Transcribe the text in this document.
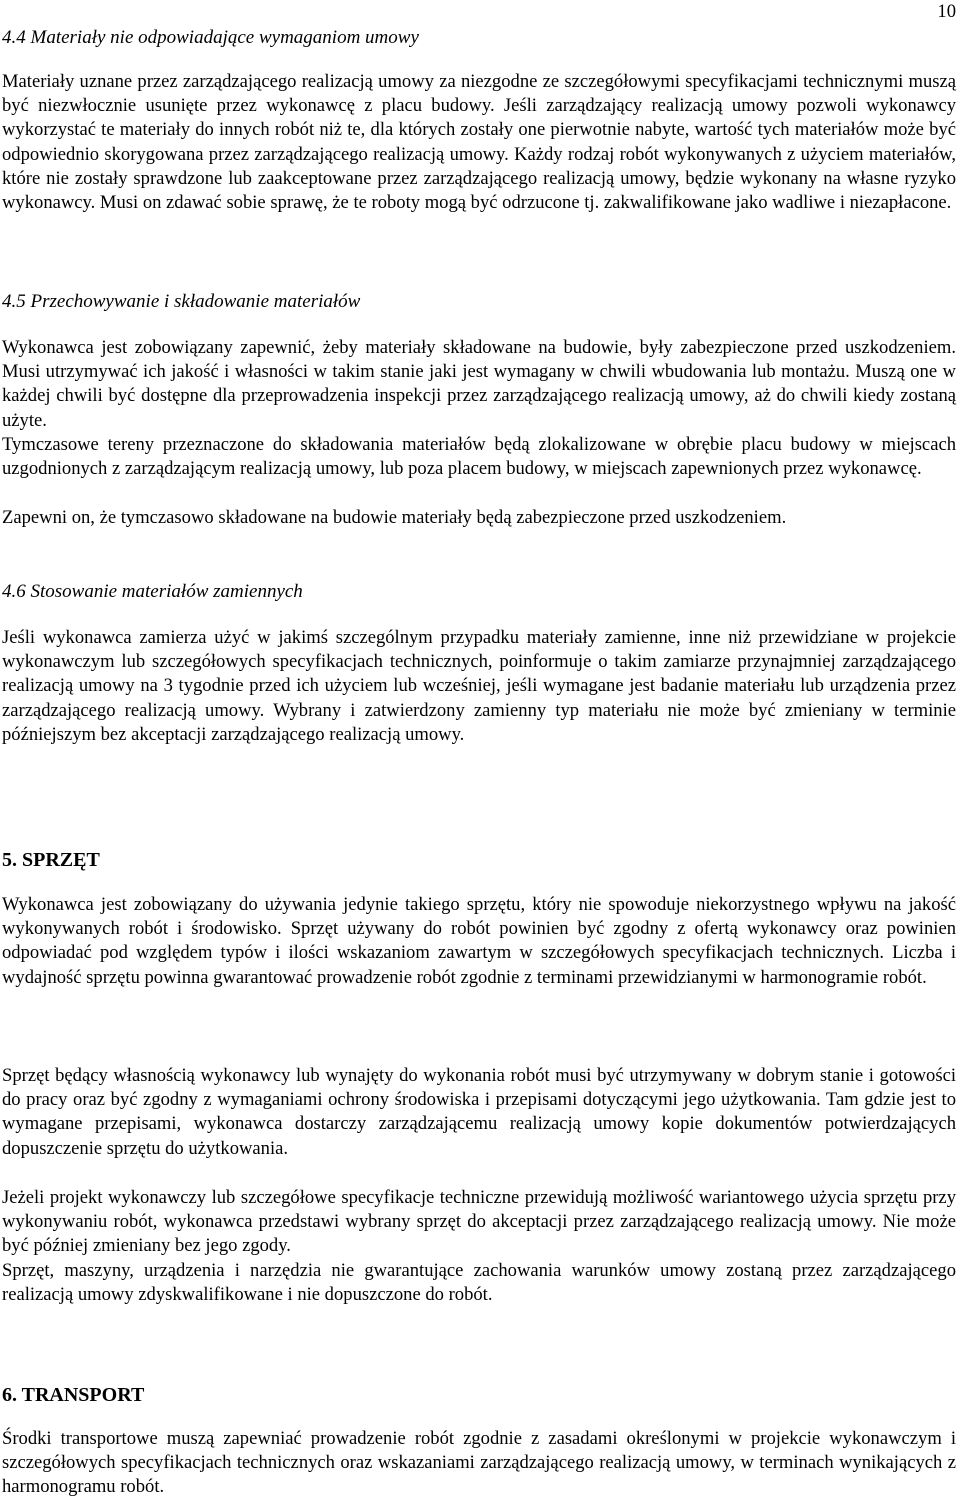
10
4.4 Materiały nie odpowiadające wymaganiom umowy

Materiały uznane przez zarządzającego realizacją umowy za niezgodne ze szczegółowymi specyfikacjami technicznymi muszą być niezwłocznie usunięte przez wykonawcę z placu budowy. Jeśli zarządzający realizacją umowy pozwoli wykonawcy wykorzystać te materiały do innych robót niż te, dla których zostały one pierwotnie nabyte, wartość tych materiałów może być odpowiednio skorygowana przez zarządzającego realizacją umowy. Każdy rodzaj robót wykonywanych z użyciem materiałów, które nie zostały sprawdzone lub zaakceptowane przez zarządzającego realizacją umowy, będzie wykonany na własne ryzyko wykonawcy. Musi on zdawać sobie sprawę, że te roboty mogą być odrzucone tj. zakwalifikowane jako wadliwe i niezapłacone.

4.5 Przechowywanie i składowanie materiałów

Wykonawca jest zobowiązany zapewnić, żeby materiały składowane na budowie, były zabezpieczone przed uszkodzeniem. Musi utrzymywać ich jakość i własności w takim stanie jaki jest wymagany w chwili wbudowania lub montażu. Muszą one w każdej chwili być dostępne dla przeprowadzenia inspekcji przez zarządzającego realizacją umowy, aż do chwili kiedy zostaną użyte.

Tymczasowe tereny przeznaczone do składowania materiałów będą zlokalizowane w obrębie placu budowy w miejscach uzgodnionych z zarządzającym realizacją umowy, lub poza placem budowy, w miejscach zapewnionych przez wykonawcę.

Zapewni on, że tymczasowo składowane na budowie materiały będą zabezpieczone przed uszkodzeniem.

4.6 Stosowanie materiałów zamiennych

Jeśli wykonawca zamierza użyć w jakimś szczególnym przypadku materiały zamienne, inne niż przewidziane w projekcie wykonawczym lub szczegółowych specyfikacjach technicznych, poinformuje o takim zamiarze przynajmniej zarządzającego realizacją umowy na 3 tygodnie przed ich użyciem lub wcześniej, jeśli wymagane jest badanie materiału lub urządzenia przez zarządzającego realizacją umowy. Wybrany i zatwierdzony zamienny typ materiału nie może być zmieniany w terminie późniejszym bez akceptacji zarządzającego realizacją umowy.

5. SPRZĘT

Wykonawca jest zobowiązany do używania jedynie takiego sprzętu, który nie spowoduje niekorzystnego wpływu na jakość wykonywanych robót i środowisko. Sprzęt używany do robót powinien być zgodny z ofertą wykonawcy oraz powinien odpowiadać pod względem typów i ilości wskazaniom zawartym w szczegółowych specyfikacjach technicznych. Liczba i wydajność sprzętu powinna gwarantować prowadzenie robót zgodnie z terminami przewidzianymi w harmonogramie robót.

Sprzęt będący własnością wykonawcy lub wynajęty do wykonania robót musi być utrzymywany w dobrym stanie i gotowości do pracy oraz być zgodny z wymaganiami ochrony środowiska i przepisami dotyczącymi jego użytkowania. Tam gdzie jest to wymagane przepisami, wykonawca dostarczy zarządzającemu realizacją umowy kopie dokumentów potwierdzających dopuszczenie sprzętu do użytkowania.

Jeżeli projekt wykonawczy lub szczegółowe specyfikacje techniczne przewidują możliwość wariantowego użycia sprzętu przy wykonywaniu robót, wykonawca przedstawi wybrany sprzęt do akceptacji przez zarządzającego realizacją umowy. Nie może być później zmieniany bez jego zgody.

Sprzęt, maszyny, urządzenia i narzędzia nie gwarantujące zachowania warunków umowy zostaną przez zarządzającego realizacją umowy zdyskwalifikowane i nie dopuszczone do robót.

6. TRANSPORT

Środki transportowe muszą zapewniać prowadzenie robót zgodnie z zasadami określonymi w projekcie wykonawczym i szczegółowych specyfikacjach technicznych oraz wskazaniami zarządzającego realizacją umowy, w terminach wynikających z harmonogramu robót.
